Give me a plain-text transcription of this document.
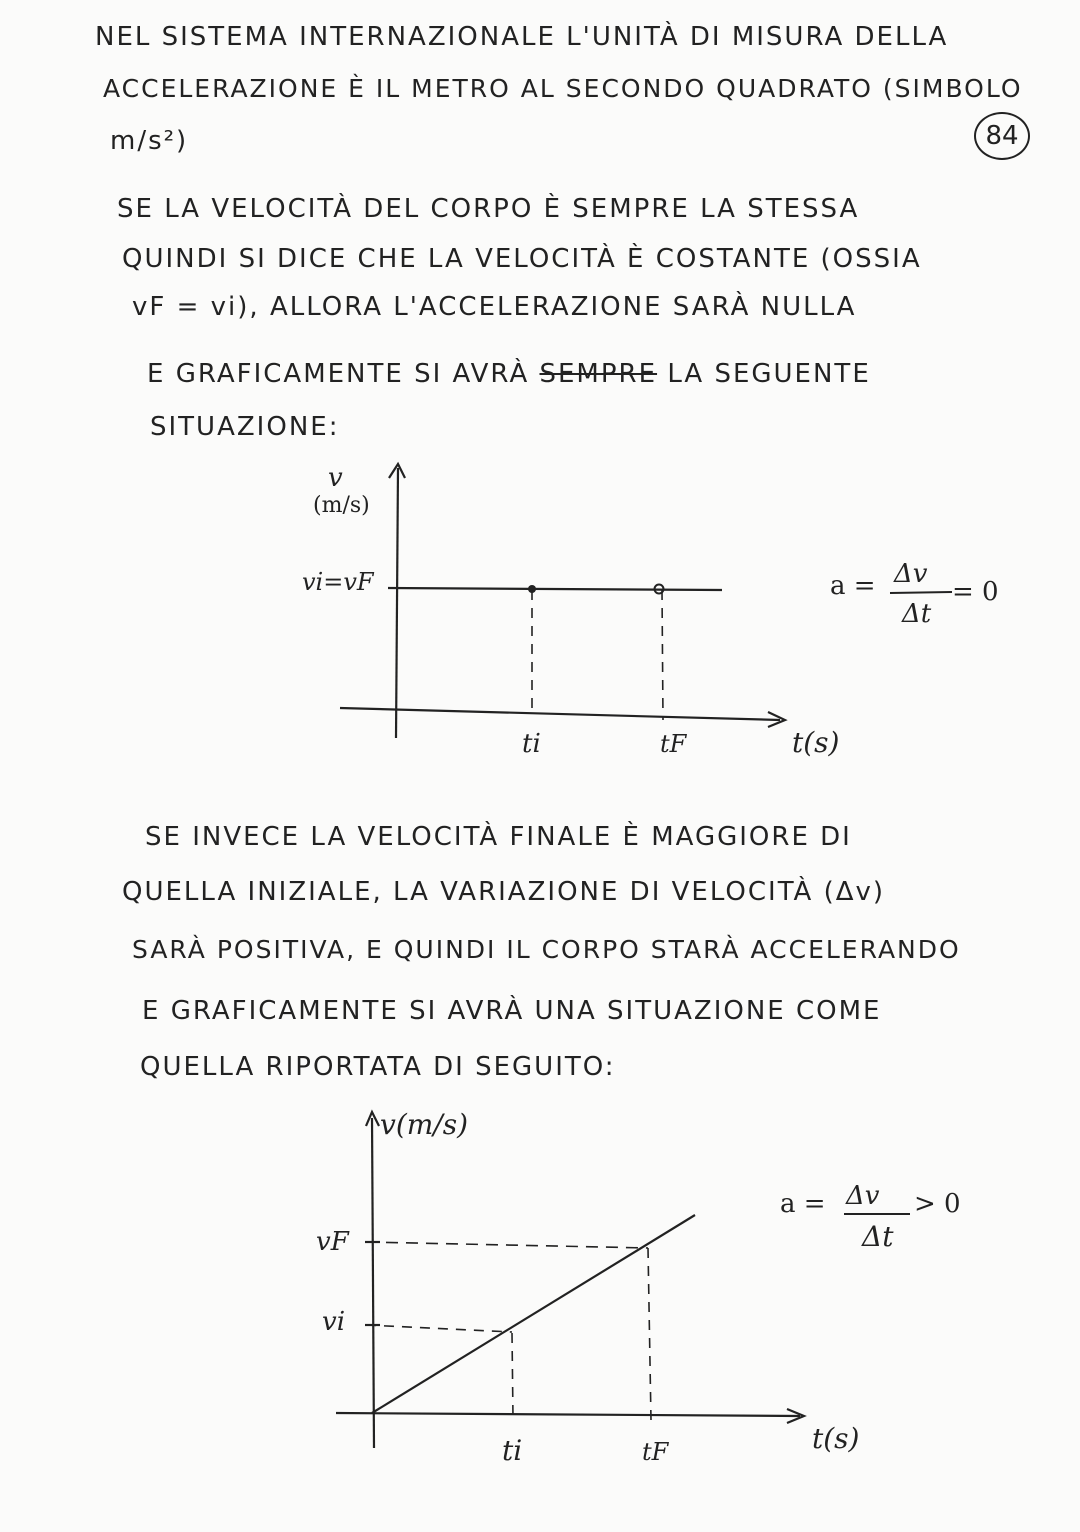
84
NEL SISTEMA INTERNAZIONALE L'UNITÀ DI MISURA DELLA
ACCELERAZIONE È IL METRO AL SECONDO QUADRATO (SIMBOLO
m/s²)
SE LA VELOCITÀ DEL CORPO È SEMPRE LA STESSA
QUINDI SI DICE CHE LA VELOCITÀ È COSTANTE (OSSIA
vF = vi), ALLORA L'ACCELERAZIONE SARÀ NULLA
E GRAFICAMENTE SI AVRÀ SEMPRE LA SEGUENTE
SITUAZIONE:
SE INVECE LA VELOCITÀ FINALE È MAGGIORE DI
QUELLA INIZIALE, LA VARIAZIONE DI VELOCITÀ (Δv)
SARÀ POSITIVA, E QUINDI IL CORPO STARÀ ACCELERANDO
E GRAFICAMENTE SI AVRÀ UNA SITUAZIONE COME
QUELLA RIPORTATA DI SEGUITO:
v
(m/s)
vi=vF
ti	tF	t(s)
a = Δv
Δt
= 0
v(m/s)
vF
vi
ti	tF	t(s)
a = Δv
Δt
> 0
